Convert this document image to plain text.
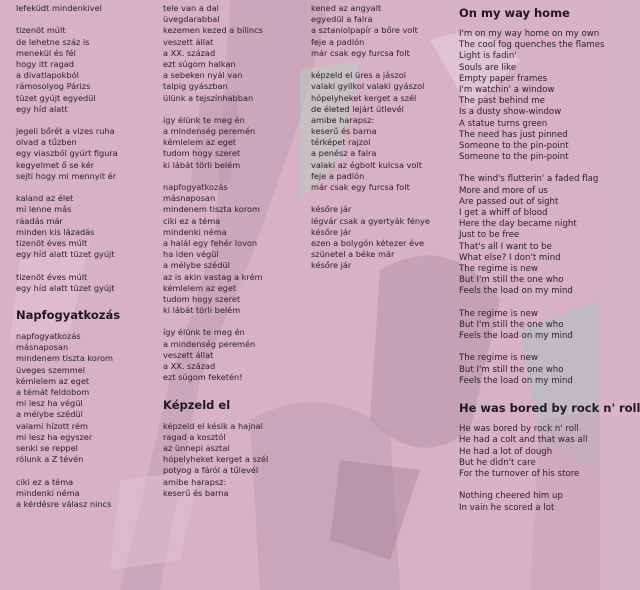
lefeküdt mindenkivel
tizenöt múlt
de lehetne száz is
menekül és fél
hogy itt ragad
a divatlapokból
rámosolyog Párizs
tüzet gyújt egyedül
egy híd alatt
jegeli bőrét a vizes ruha
olvad a tűzben
egy viaszból gyúrt figura
kegyelmet ő se kér
sejti hogy mi mennyit ér
kaland az élet
mi lenne más
ráadás már
minden kis lázadás
tizenöt éves múlt
egy híd alatt tüzet gyújt
tizenöt éves múlt
egy híd alatt tüzet gyújt
Napfogyatkozás
napfogyatkozás
másnaposan
mindenem tiszta korom
üveges szemmel
kémlelem az eget
a témát feldobom
mi lesz ha végül
a mélybe szédül
valami hízott rém
mi lesz ha egyszer
senki se reppel
rólunk a Z tévén
ciki ez a téma
mindenki néma
a kérdésre válasz nincs
tele van a dal
üvegdarabbal
kezemen kezed a bilincs
veszett állat
a XX. század
ezt súgom halkan
a sebeken nyál van
talpig gyászban
ülünk a tejszínhabban
így élünk te meg én
a mindenség peremén
kémlelem az eget
tudom hogy szeret
ki lábát törli belém
napfogyatkozás
másnaposan
mindenem tiszta korom
ciki ez a téma
mindenki néma
a halál egy fehér lovon
ha iden végül
a mélybe szédül
az is akin vastag a krém
kémlelem az eget
tudom hogy szeret
ki lábát törli belém
így élünk te meg én
a mindenség peremén
veszett állat
a XX. század
ezt súgom feketén!
Képzeld el
képzeld el késik a hajnal
ragad a kosztól
az ünnepi asztal
hópelyheket kerget a szél
potyog a fáról a tűlevél
amibe harapsz:
keserű és barna
kened az angyalt
egyedül a falra
a sztaniolpapír a bőre volt
feje a padlón
már csak egy furcsa folt
képzeld el üres a jászol
valaki gyilkol valaki gyászol
hópelyheket kerget a szél
de életed lejárt útlevél
amibe harapsz:
keserű és barna
térképet rajzol
a penész a falra
valaki az égbolt kulcsa volt
feje a padlón
már csak egy furcsa folt
későre jár
légvár csak a gyertyák fénye
későre jár
ezen a bolygón kétezer éve
szünetel a béke már
későre jár
On my way home
I'm on my way home on my own
The cool fog quenches the flames
Light is fadin'
Souls are like
Empty paper frames
I'm watchin' a window
The past behind me
Is a dusty show-window
A statue turns green
The need has just pinned
Someone to the pin-point
Someone to the pin-point
The wind's flutterin' a faded flag
More and more of us
Are passed out of sight
I get a whiff of blood
Here the day became night
Just to be free
That's all I want to be
What else? I don't mind
The regime is new
But I'm still the one who
Feels the load on my mind
The regime is new
But I'm still the one who
Feels the load on my mind
The regime is new
But I'm still the one who
Feels the load on my mind
He was bored by rock n' roll
He was bored by rock n' roll
He had a colt and that was all
He had a lot of dough
But he didn't care
For the turnover of his store
Nothing cheered him up
In vain he scored a lot
